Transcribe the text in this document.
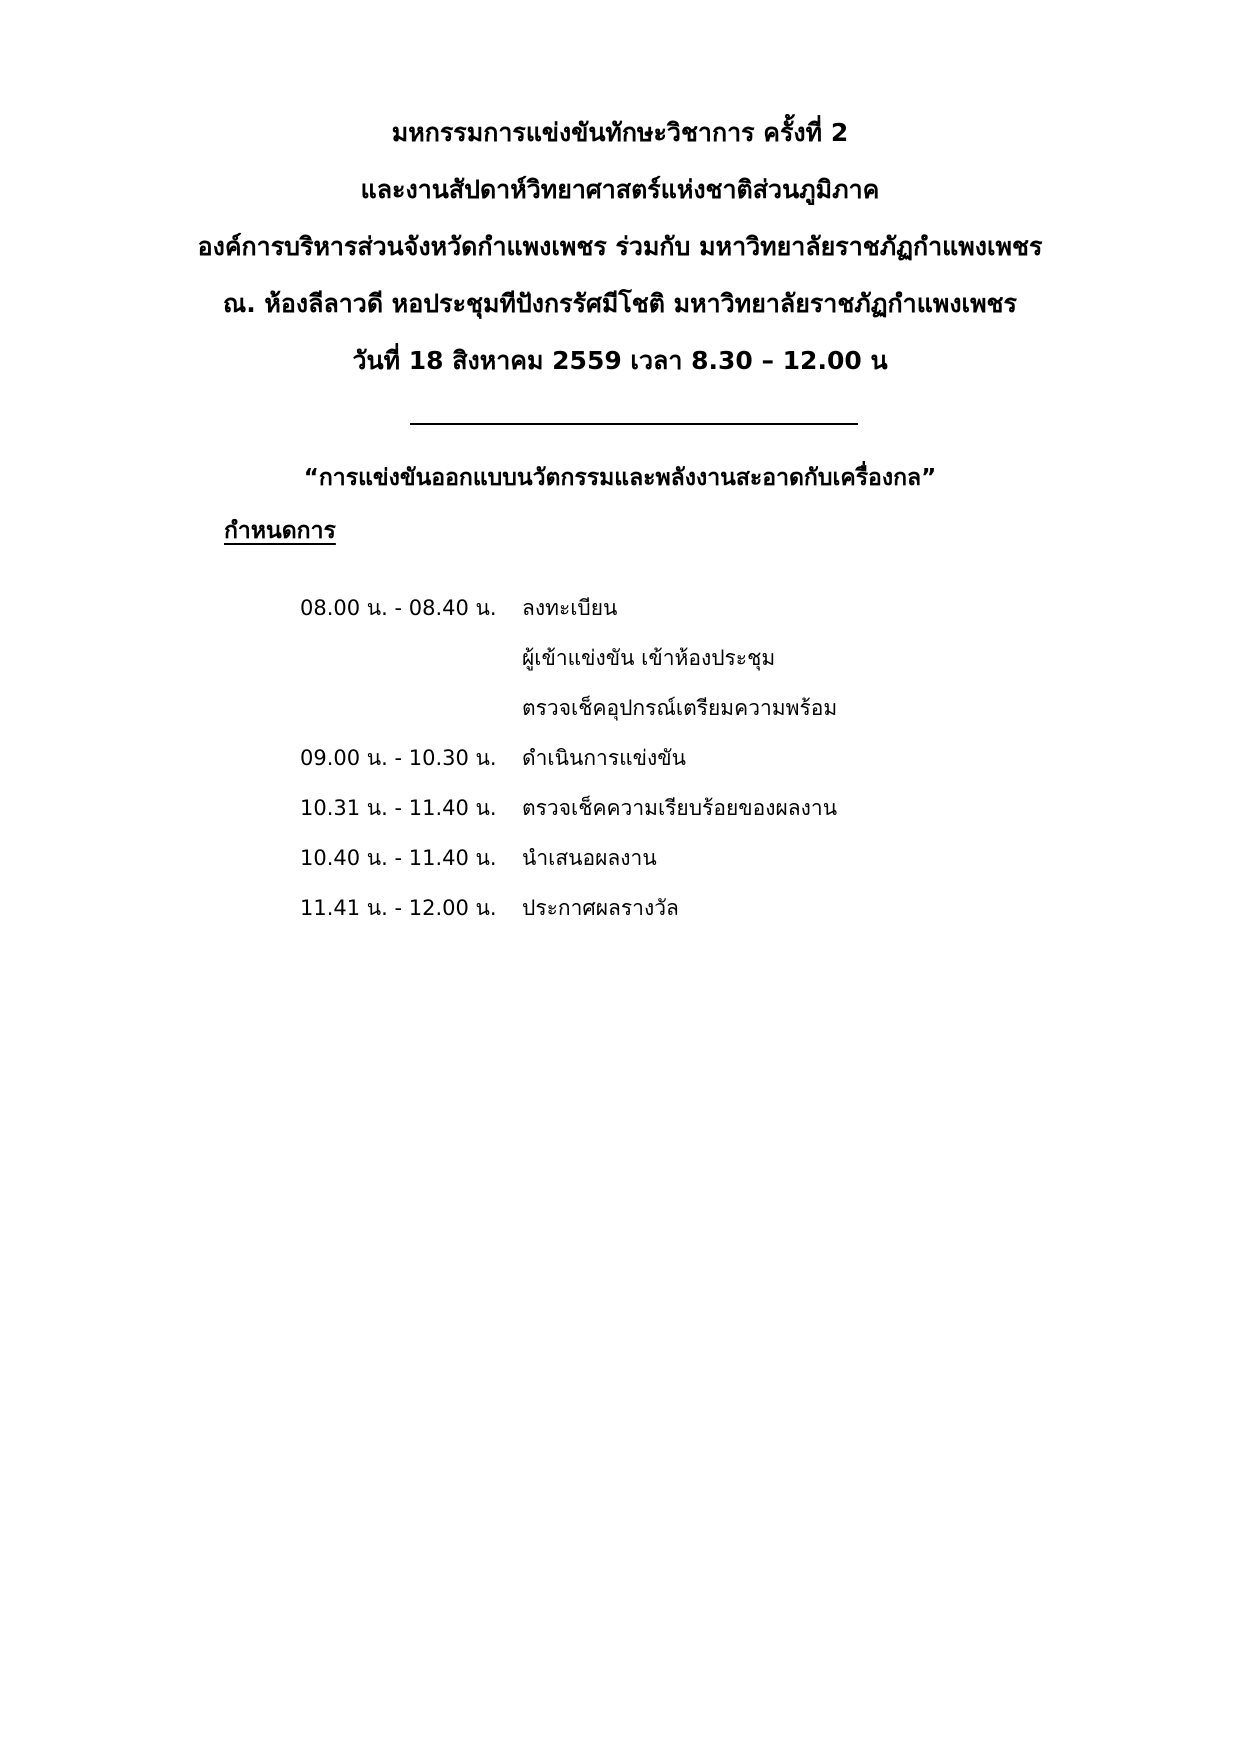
มหกรรมการแข่งขันทักษะวิชาการ ครั้งที่ 2
และงานสัปดาห์วิทยาศาสตร์แห่งชาติส่วนภูมิภาค
องค์การบริหารส่วนจังหวัดกำแพงเพชร ร่วมกับ มหาวิทยาลัยราชภัฏกำแพงเพชร
ณ. ห้องลีลาวดี หอประชุมทีปังกรรัศมีโชติ มหาวิทยาลัยราชภัฏกำแพงเพชร
วันที่ 18 สิงหาคม 2559 เวลา 8.30 – 12.00 น
“การแข่งขันออกแบบนวัตกรรมและพลังงานสะอาดกับเครื่องกล”
กำหนดการ
08.00 น. - 08.40 น. ลงทะเบียน
ผู้เข้าแข่งขัน เข้าห้องประชุม
ตรวจเช็คอุปกรณ์เตรียมความพร้อม
09.00 น. - 10.30 น. ดำเนินการแข่งขัน
10.31 น. - 11.40 น. ตรวจเช็คความเรียบร้อยของผลงาน
10.40 น. - 11.40 น. นำเสนอผลงาน
11.41 น. - 12.00 น. ประกาศผลรางวัล
